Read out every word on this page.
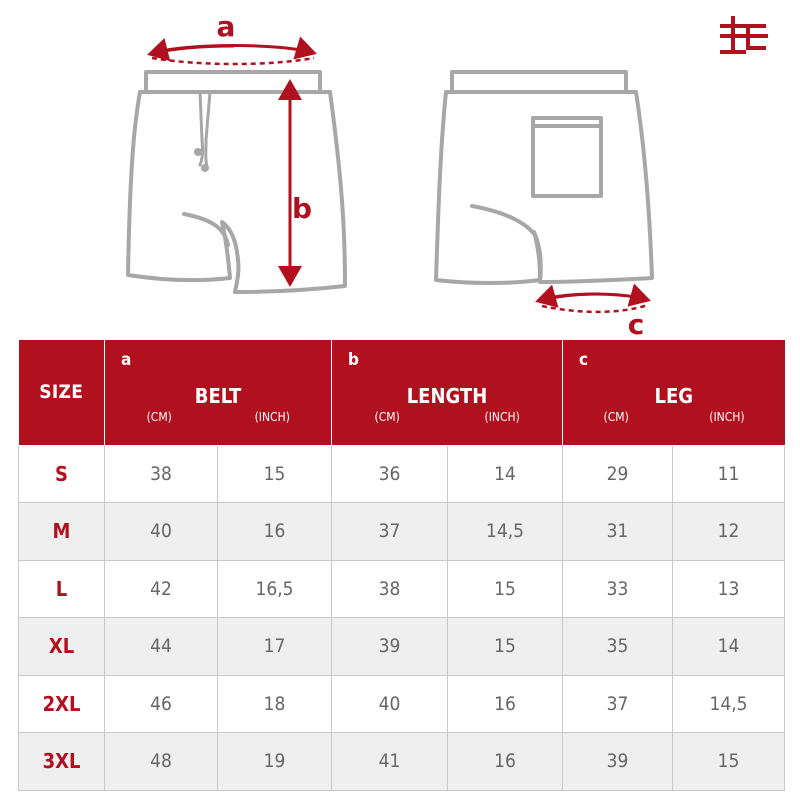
a
b
c
SIZE	a
BELT
(CM) (INCH)		b
LENGTH
(CM) (INCH)		c
LEG
(CM) (INCH)	

S	38	15	36	14	29	11
M	40	16	37	14,5	31	12
L	42	16,5	38	15	33	13
XL	44	17	39	15	35	14
2XL	46	18	40	16	37	14,5
3XL	48	19	41	16	39	15
